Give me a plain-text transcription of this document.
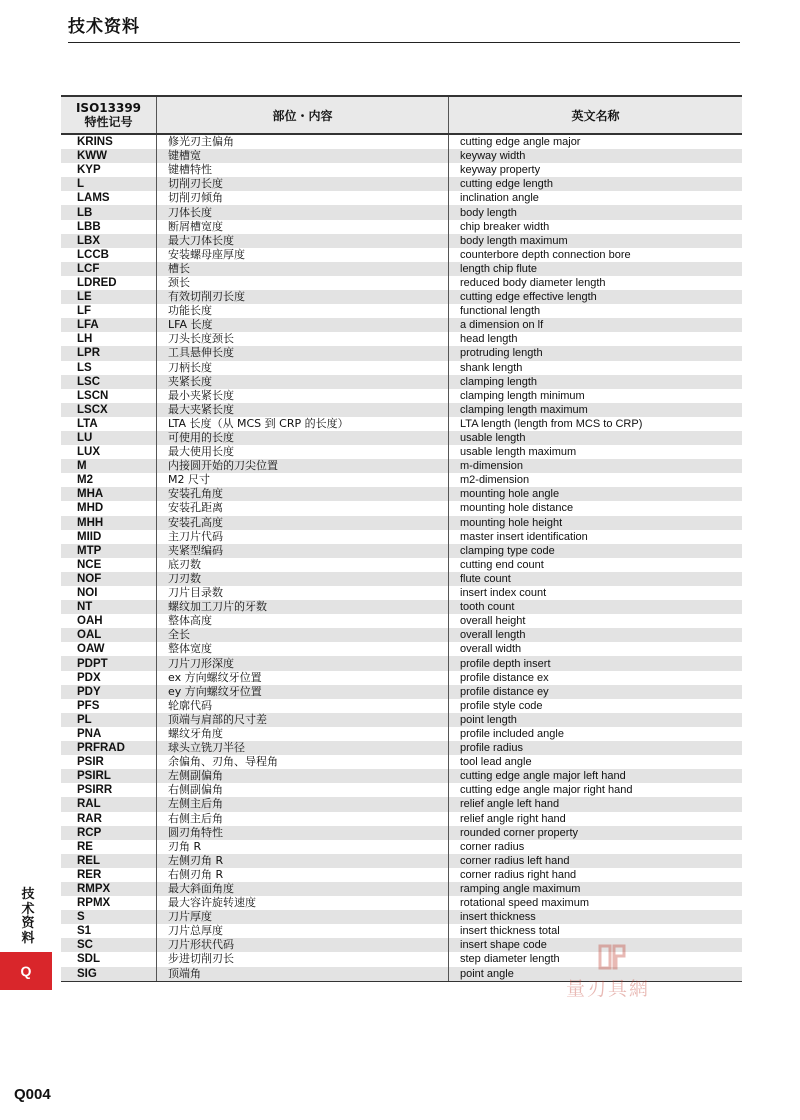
技术资料
ISO13399
特性记号	部位・内容	英文名称
KRINS	修光刃主偏角	cutting edge angle major
KWW	键槽宽	keyway width
KYP	键槽特性	keyway property
L	切削刃长度	cutting edge length
LAMS	切削刃倾角	inclination angle
LB	刀体长度	body length
LBB	断屑槽宽度	chip breaker width
LBX	最大刀体长度	body length maximum
LCCB	安装螺母座厚度	counterbore depth connection bore
LCF	槽长	length chip flute
LDRED	颈长	reduced body diameter length
LE	有效切削刃长度	cutting edge effective length
LF	功能长度	functional length
LFA	LFA 长度	a dimension on lf
LH	刀头长度颈长	head length
LPR	工具悬伸长度	protruding length
LS	刀柄长度	shank length
LSC	夹紧长度	clamping length
LSCN	最小夹紧长度	clamping length minimum
LSCX	最大夹紧长度	clamping length maximum
LTA	LTA 长度（从 MCS 到 CRP 的长度）	LTA length (length from MCS to CRP)
LU	可使用的长度	usable length
LUX	最大使用长度	usable length maximum
M	内接圆开始的刀尖位置	m-dimension
M2	M2 尺寸	m2-dimension
MHA	安装孔角度	mounting hole angle
MHD	安装孔距离	mounting hole distance
MHH	安装孔高度	mounting hole height
MIID	主刀片代码	master insert identification
MTP	夹紧型编码	clamping type code
NCE	底刃数	cutting end count
NOF	刀刃数	flute count
NOI	刀片目录数	insert index count
NT	螺纹加工刀片的牙数	tooth count
OAH	整体高度	overall height
OAL	全长	overall length
OAW	整体宽度	overall width
PDPT	刀片刀形深度	profile depth insert
PDX	ex 方向螺纹牙位置	profile distance ex
PDY	ey 方向螺纹牙位置	profile distance ey
PFS	轮廓代码	profile style code
PL	顶端与肩部的尺寸差	point length
PNA	螺纹牙角度	profile included angle
PRFRAD	球头立铣刀半径	profile radius
PSIR	余偏角、刃角、导程角	tool lead angle
PSIRL	左侧副偏角	cutting edge angle major left hand
PSIRR	右侧副偏角	cutting edge angle major right hand
RAL	左侧主后角	relief angle left hand
RAR	右侧主后角	relief angle right hand
RCP	圆刃角特性	rounded corner property
RE	刃角 R	corner radius
REL	左侧刃角 R	corner radius left hand
RER	右侧刃角 R	corner radius right hand
RMPX	最大斜面角度	ramping angle maximum
RPMX	最大容许旋转速度	rotational speed maximum
S	刀片厚度	insert thickness
S1	刀片总厚度	insert thickness total
SC	刀片形状代码	insert shape code
SDL	步进切削刃长	step diameter length
SIG	顶端角	point angle
技
术
资
料
Q
Q004
量刃具網
